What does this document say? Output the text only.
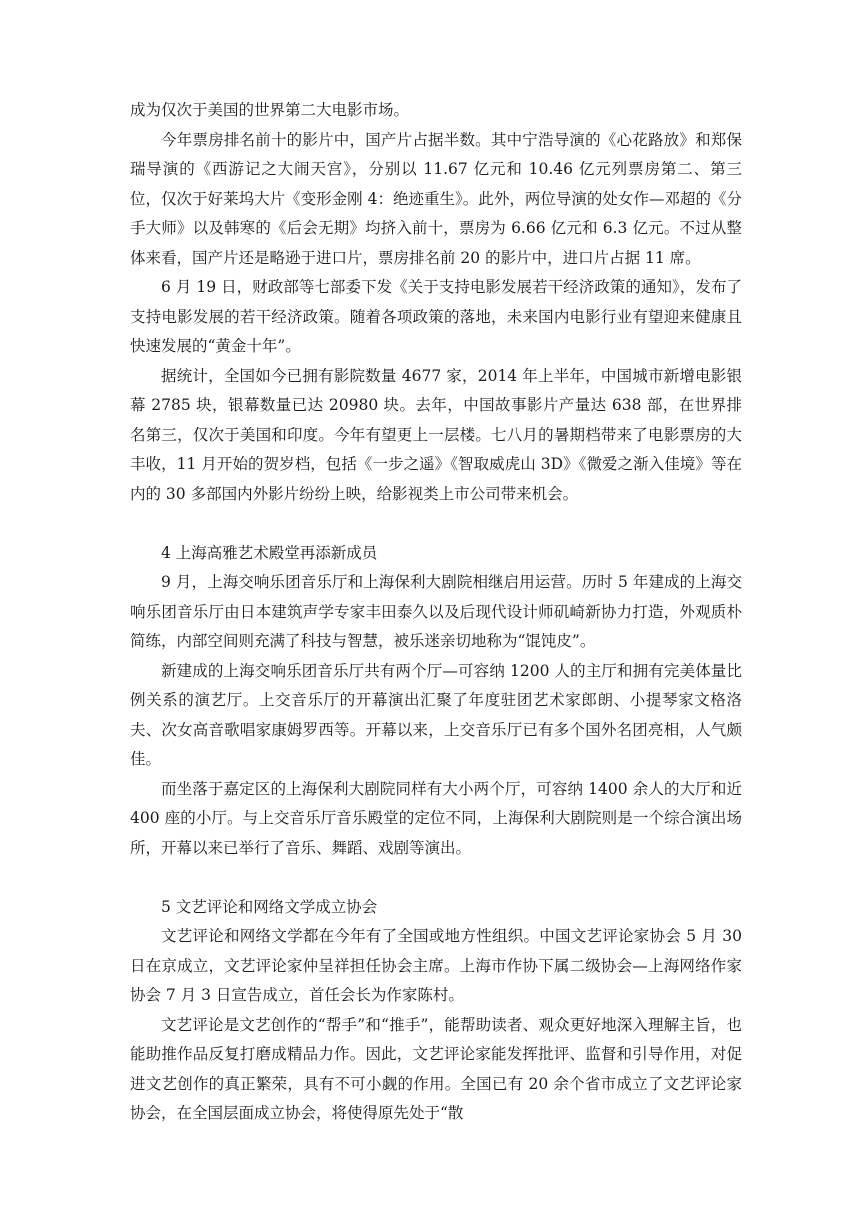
成为仅次于美国的世界第二大电影市场。

今年票房排名前十的影片中，国产片占据半数。其中宁浩导演的《心花路放》和郑保瑞导演的《西游记之大闹天宫》，分别以 11.67 亿元和 10.46 亿元列票房第二、第三位，仅次于好莱坞大片《变形金刚 4：绝迹重生》。此外，两位导演的处女作—邓超的《分手大师》以及韩寒的《后会无期》均挤入前十，票房为 6.66 亿元和 6.3 亿元。不过从整体来看，国产片还是略逊于进口片，票房排名前 20 的影片中，进口片占据 11 席。

6 月 19 日，财政部等七部委下发《关于支持电影发展若干经济政策的通知》，发布了支持电影发展的若干经济政策。随着各项政策的落地，未来国内电影行业有望迎来健康且快速发展的“黄金十年”。

据统计，全国如今已拥有影院数量 4677 家，2014 年上半年，中国城市新增电影银幕 2785 块，银幕数量已达 20980 块。去年，中国故事影片产量达 638 部，在世界排名第三，仅次于美国和印度。今年有望更上一层楼。七八月的暑期档带来了电影票房的大丰收，11 月开始的贺岁档，包括《一步之遥》《智取威虎山 3D》《微爱之渐入佳境》等在内的 30 多部国内外影片纷纷上映，给影视类上市公司带来机会。

4 上海高雅艺术殿堂再添新成员

9 月，上海交响乐团音乐厅和上海保利大剧院相继启用运营。历时 5 年建成的上海交响乐团音乐厅由日本建筑声学专家丰田泰久以及后现代设计师矶崎新协力打造，外观质朴简练，内部空间则充满了科技与智慧，被乐迷亲切地称为“馄饨皮”。

新建成的上海交响乐团音乐厅共有两个厅—可容纳 1200 人的主厅和拥有完美体量比例关系的演艺厅。上交音乐厅的开幕演出汇聚了年度驻团艺术家郎朗、小提琴家文格洛夫、次女高音歌唱家康姆罗西等。开幕以来，上交音乐厅已有多个国外名团亮相，人气颇佳。

而坐落于嘉定区的上海保利大剧院同样有大小两个厅，可容纳 1400 余人的大厅和近 400 座的小厅。与上交音乐厅音乐殿堂的定位不同，上海保利大剧院则是一个综合演出场所，开幕以来已举行了音乐、舞蹈、戏剧等演出。

5 文艺评论和网络文学成立协会

文艺评论和网络文学都在今年有了全国或地方性组织。中国文艺评论家协会 5 月 30 日在京成立，文艺评论家仲呈祥担任协会主席。上海市作协下属二级协会—上海网络作家协会 7 月 3 日宣告成立，首任会长为作家陈村。

文艺评论是文艺创作的“帮手”和“推手”，能帮助读者、观众更好地深入理解主旨，也能助推作品反复打磨成精品力作。因此，文艺评论家能发挥批评、监督和引导作用，对促进文艺创作的真正繁荣，具有不可小觑的作用。全国已有 20 余个省市成立了文艺评论家协会，在全国层面成立协会，将使得原先处于“散
